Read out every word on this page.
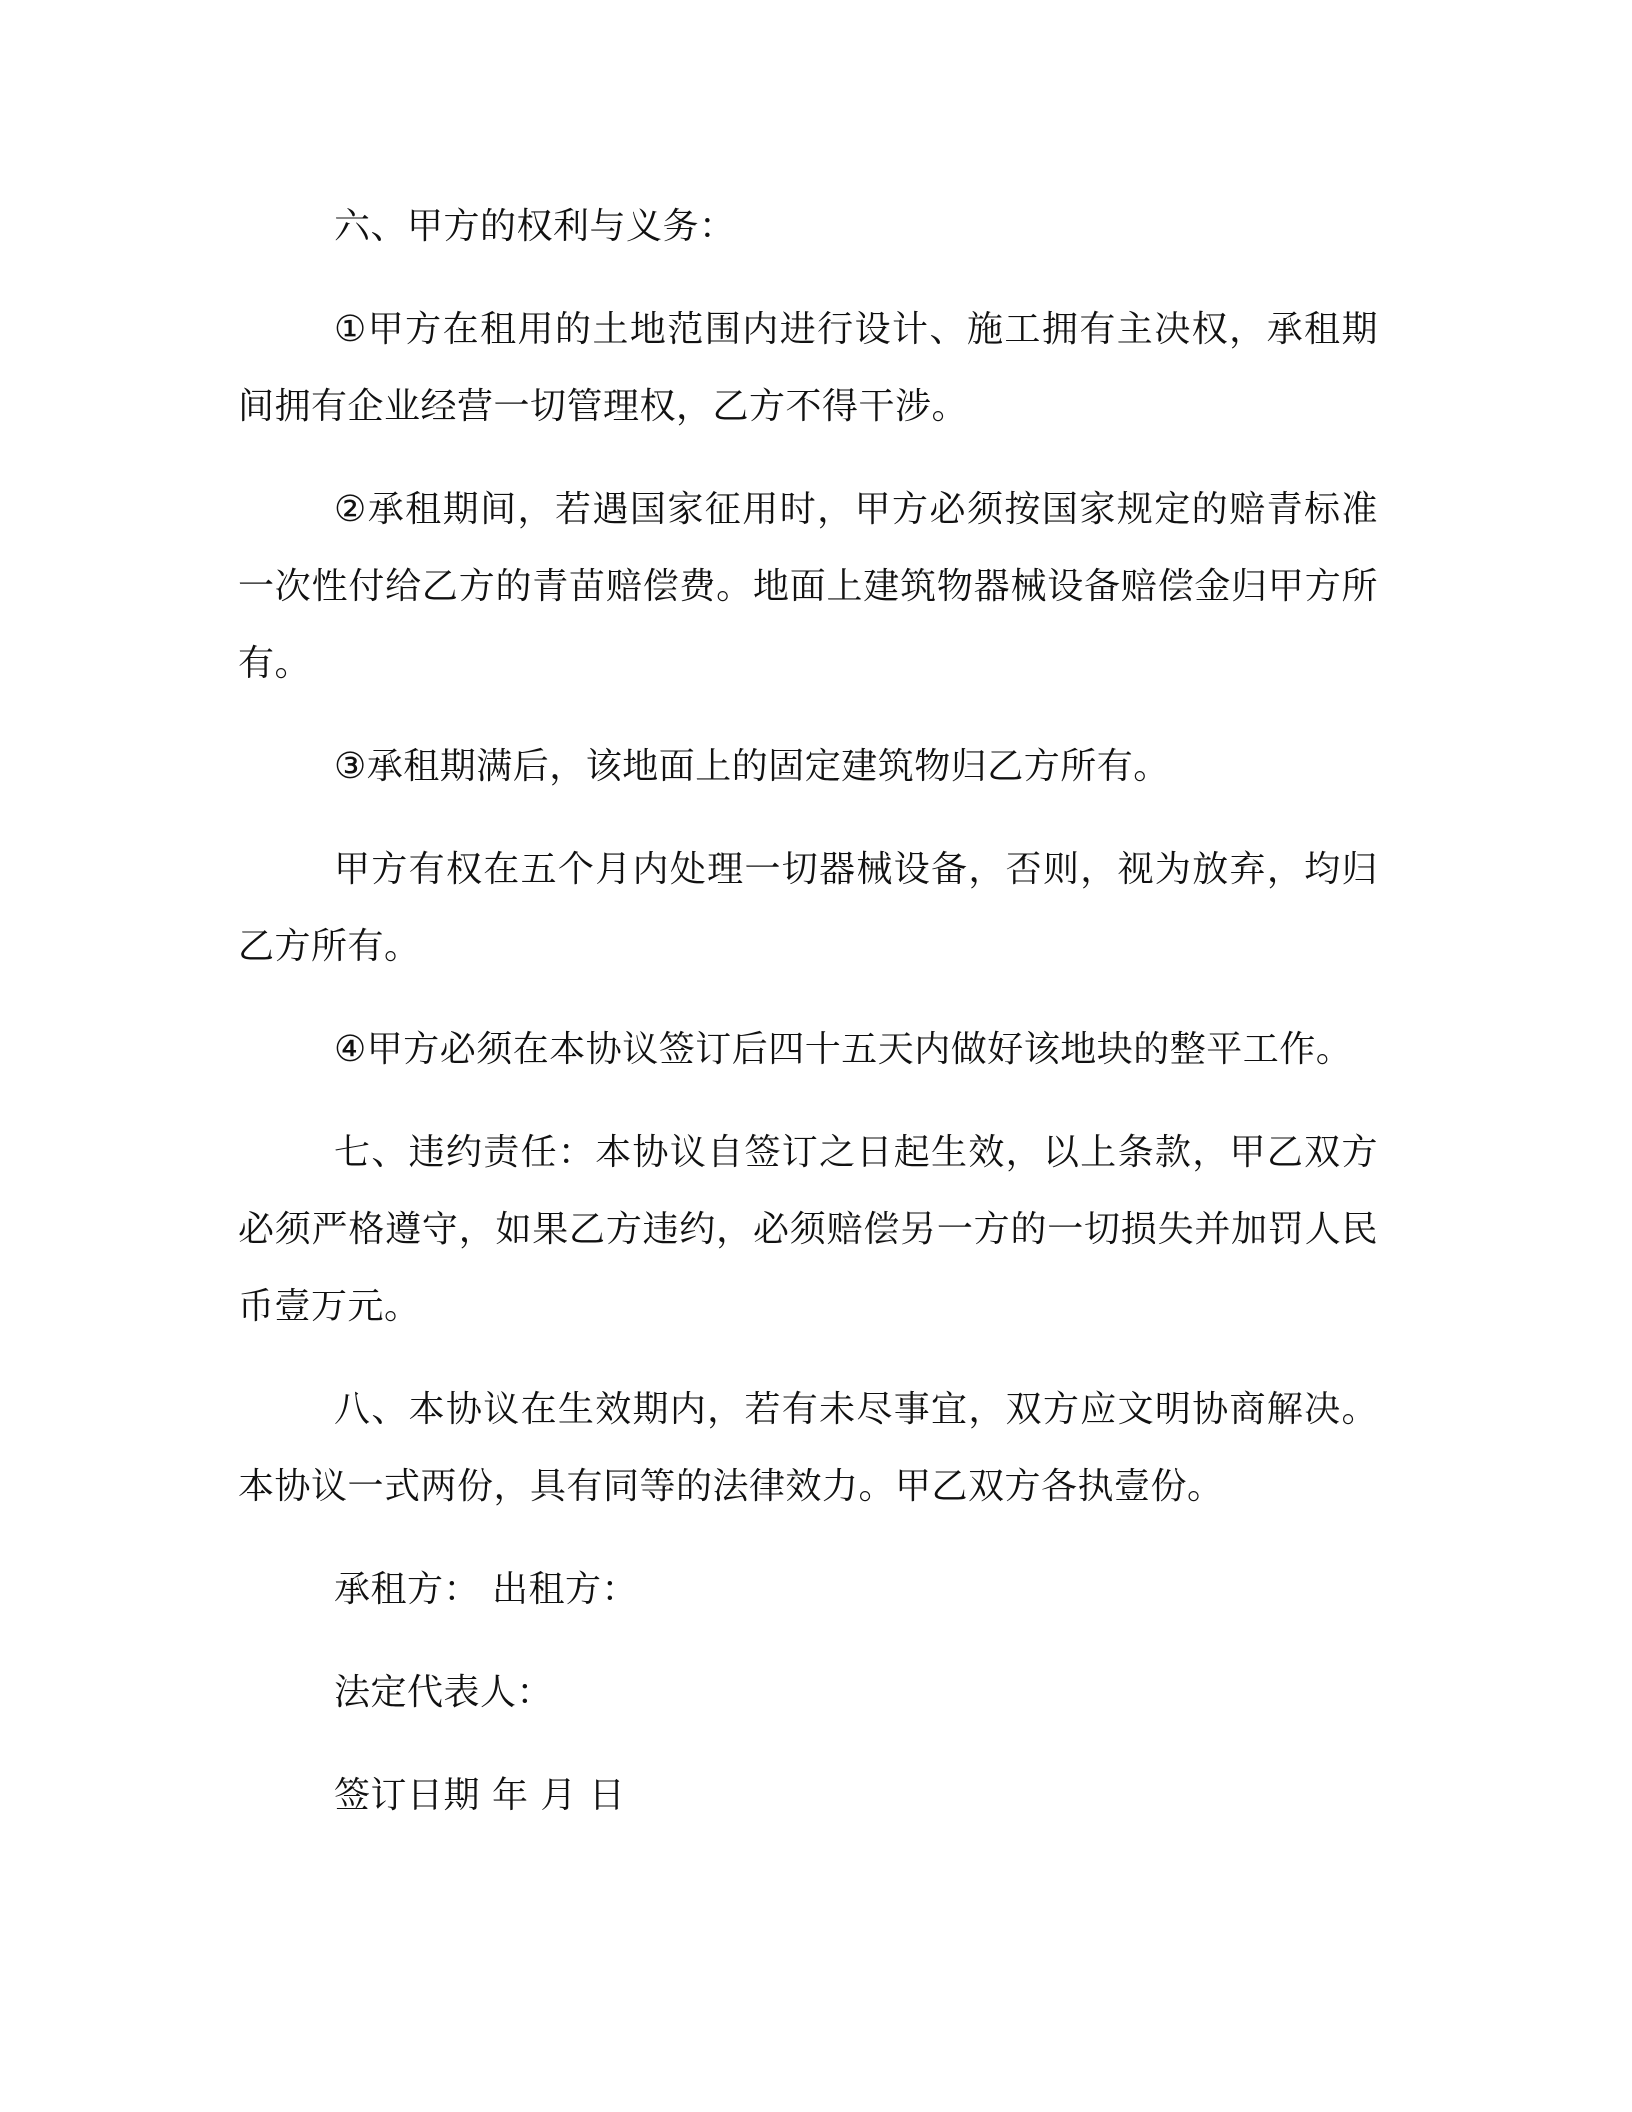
六、甲方的权利与义务：

①甲方在租用的土地范围内进行设计、施工拥有主决权，承租期间拥有企业经营一切管理权，乙方不得干涉。

②承租期间，若遇国家征用时，甲方必须按国家规定的赔青标准一次性付给乙方的青苗赔偿费。地面上建筑物器械设备赔偿金归甲方所有。

③承租期满后，该地面上的固定建筑物归乙方所有。

甲方有权在五个月内处理一切器械设备，否则，视为放弃，均归乙方所有。

④甲方必须在本协议签订后四十五天内做好该地块的整平工作。

七、违约责任：本协议自签订之日起生效，以上条款，甲乙双方必须严格遵守，如果乙方违约，必须赔偿另一方的一切损失并加罚人民币壹万元。

八、本协议在生效期内，若有未尽事宜，双方应文明协商解决。本协议一式两份，具有同等的法律效力。甲乙双方各执壹份。

承租方： 出租方：

法定代表人：

签订日期 年 月 日
